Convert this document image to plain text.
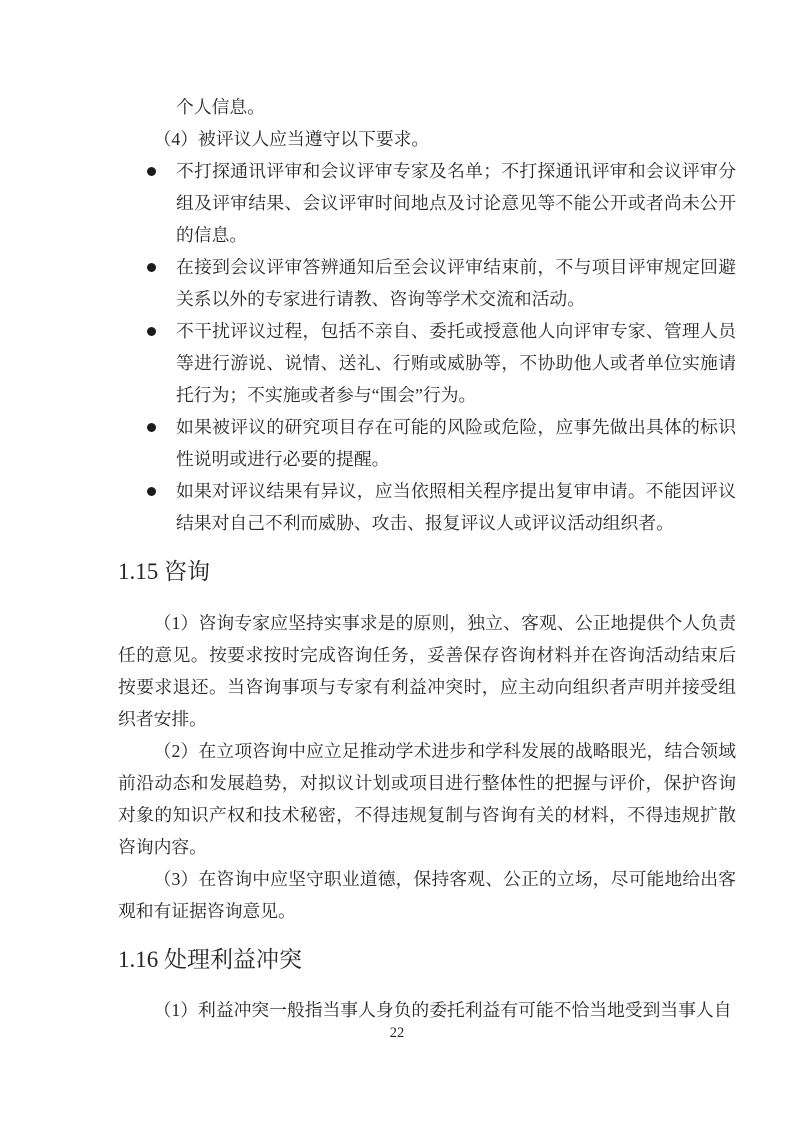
个人信息。

（4）被评议人应当遵守以下要求。

不打探通讯评审和会议评审专家及名单；不打探通讯评审和会议评审分组及评审结果、会议评审时间地点及讨论意见等不能公开或者尚未公开的信息。

在接到会议评审答辨通知后至会议评审结束前，不与项目评审规定回避关系以外的专家进行请教、咨询等学术交流和活动。

不干扰评议过程，包括不亲自、委托或授意他人向评审专家、管理人员等进行游说、说情、送礼、行贿或威胁等，不协助他人或者单位实施请托行为；不实施或者参与“围会”行为。

如果被评议的研究项目存在可能的风险或危险，应事先做出具体的标识性说明或进行必要的提醒。

如果对评议结果有异议，应当依照相关程序提出复审申请。不能因评议结果对自己不利而威胁、攻击、报复评议人或评议活动组织者。

1.15 咨询

（1）咨询专家应坚持实事求是的原则，独立、客观、公正地提供个人负责任的意见。按要求按时完成咨询任务，妥善保存咨询材料并在咨询活动结束后按要求退还。当咨询事项与专家有利益冲突时，应主动向组织者声明并接受组织者安排。

（2）在立项咨询中应立足推动学术进步和学科发展的战略眼光，结合领域前沿动态和发展趋势，对拟议计划或项目进行整体性的把握与评价，保护咨询对象的知识产权和技术秘密，不得违规复制与咨询有关的材料，不得违规扩散咨询内容。

（3）在咨询中应坚守职业道德，保持客观、公正的立场，尽可能地给出客观和有证据咨询意见。

1.16 处理利益冲突

（1）利益冲突一般指当事人身负的委托利益有可能不恰当地受到当事人自

22
